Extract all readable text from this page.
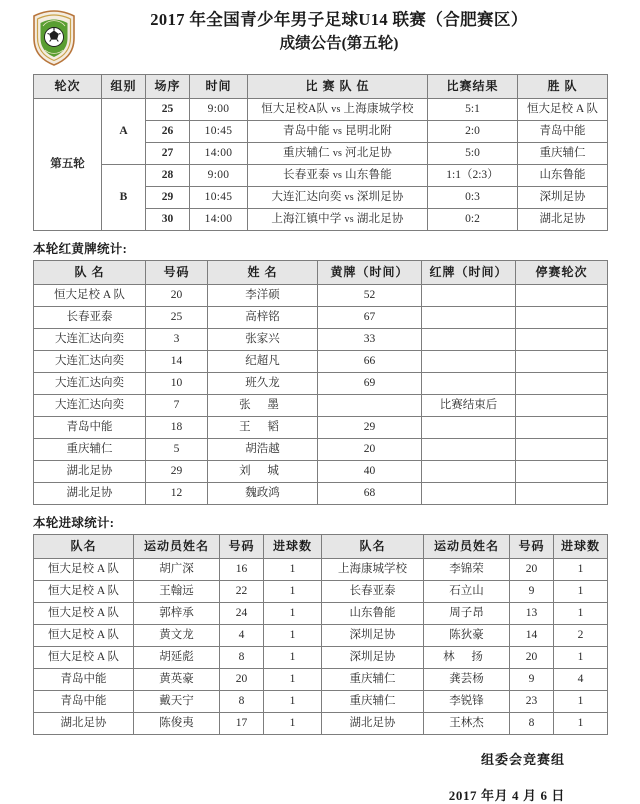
2017 年全国青少年男子足球U14 联赛（合肥赛区）
成绩公告(第五轮)
轮次	组别	场序	时间	比 赛 队 伍	比赛结果	胜 队
第五轮	A	25	9:00	恒大足校A队 vs 上海康城学校	5:1	恒大足校 A 队
		26	10:45	青岛中能 vs 昆明北附	2:0	青岛中能
		27	14:00	重庆辅仁 vs 河北足协	5:0	重庆辅仁
	B	28	9:00	长春亚泰 vs 山东鲁能	1:1（2:3）	山东鲁能
		29	10:45	大连汇达向奕 vs 深圳足协	0:3	深圳足协
		30	14:00	上海江镇中学 vs 湖北足协	0:2	湖北足协
本轮红黄牌统计:
队 名	号码	姓 名	黄牌（时间）	红牌（时间）	停赛轮次
恒大足校 A 队	20	李洋硕	52		
长春亚泰	25	高梓铭	67		
大连汇达向奕	3	张家兴	33		
大连汇达向奕	14	纪超凡	66		
大连汇达向奕	10	班久龙	69		
大连汇达向奕	7	张 墨		比赛结束后	
青岛中能	18	王 韬	29		
重庆辅仁	5	胡浩越	20		
湖北足协	29	刘 城	40		
湖北足协	12	魏政鸿	68		
本轮进球统计:
队名	运动员姓名	号码	进球数	队名	运动员姓名	号码	进球数
恒大足校 A 队	胡广深	16	1	上海康城学校	李锦荣	20	1
恒大足校 A 队	王翰远	22	1	长春亚泰	石立山	9	1
恒大足校 A 队	郭梓承	24	1	山东鲁能	周子昂	13	1
恒大足校 A 队	黄文龙	4	1	深圳足协	陈狄豪	14	2
恒大足校 A 队	胡延彪	8	1	深圳足协	林 扬	20	1
青岛中能	黄英豪	20	1	重庆辅仁	龚芸杨	9	4
青岛中能	戴天宁	8	1	重庆辅仁	李锐锋	23	1
湖北足协	陈俊夷	17	1	湖北足协	王林杰	8	1
组委会竞赛组
2017 年月 4 月 6 日
